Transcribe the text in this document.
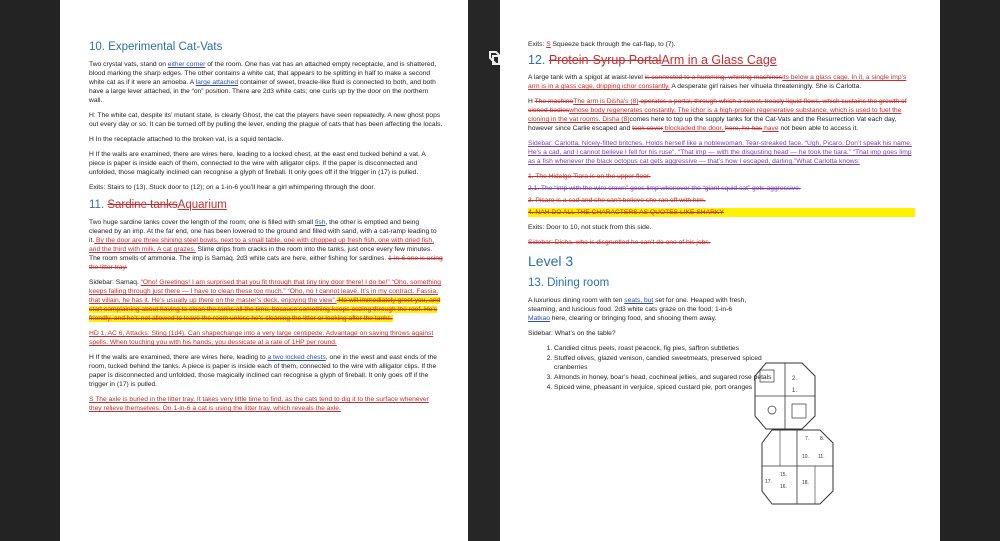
10. Experimental Cat-Vats

Two crystal vats, stand on either corner of the room. One has vat has an attached empty receptacle, and is shattered, blood marking the sharp edges. The other contains a white cat, that appears to be splitting in half to make a second white cat as if it were an amoeba. A large attached container of sweet, treacle-like fluid is connected to both, and both have a large lever attached, in the “on” position. There are 2d3 white cats; one curls up by the door on the northern wall.

H: The white cat, despite its’ mutant state, is clearly Ghost, the cat the players have seen repeatedly. A new ghost pops out every day or so. It can be turned off by pulling the lever, ending the plague of cats that has been affecting the locals.

H In the receptacle attached to the broken vat, is a squid tentacle.

H If the walls are examined, there are wires here, leading to a locked chest, at the east end tucked behind a vat. A piece is paper is inside each of them, connected to the wire with alligator clips. If the paper is disconnected and unfolded, those magically inclined can recognise a glyph of fireball. It only goes off if the trigger in (17) is pulled.

Exits: Stairs to (13). Stuck door to (12); on a 1-in-6 you’ll hear a girl whimpering through the door.

11. Sardine tanksAquarium

Two huge sardine tanks cover the length of the room; one is filled with small fish, the other is emptied and being cleaned by an imp. At the far end, one has been lowered to the ground and filled with sand, with a cat-ramp leading to it. By the door are three shining steel bowls, next to a small table, one with chopped up fresh fish, one with dried fish, and the third with milk. A cat grazes. Slime drips from cracks in the room into the tanks, just once every few minutes. The room smells of ammonia. The imp is Samaq. 2d3 white cats are here, either fishing for sardines. 1-in-6 one is using the litter tray.

Sidebar: Samaq. “Oho! Greetings! I am surprised that you fit through that tiny tiny door there! I do be!” “Oho, something keeps falling through just there — I have to clean these too much.” “Oho, no I cannot leave. It’s in my contract. Fassia, that villain, he has it. He’s usually up there on the master’s deck, enjoying the view”. He will immediately greet you, and start complaining about having to clean the tanks all the time, because something keeps oozing through the roof. He’s friendly, and he’s not allowed to leave the room unless he’s cleaning the litter or looking after the tanks.

HD 1, AC 6, Attacks: Sting (1d4). Can shapechange into a very large centipede. Advantage on saving throws against spells. When touching you with his hands, you dessicate at a rate of 1HP per round.

H If the walls are examined, there are wires here, leading to a two locked chests, one in the west and east ends of the room, tucked behind the tanks. A piece is paper is inside each of them, connected to the wire with alligator clips. If the paper is disconnected and unfolded, those magically inclined can recognise a glyph of fireball. It only goes off if the trigger in (17) is pulled.

S The axle is buried in the litter tray. It takes very little time to find, as the cats tend to dig it to the surface whenever they relieve themselves. On 1-in-6 a cat is using the litter tray, which reveals the axle.

Exits: S Squeeze back through the cat-flap, to (7).

12. Protein-Syrup PortalArm in a Glass Cage

A large tank with a spigot at waist-level is connected to a humming, whirring machinesits below a glass cage. In it, a single imp’s arm is in a glass cage, dripping ichor constantly. A desperate girl raises her vihuela threateningly. She is Carlotta.

H The machineThe arm is Disha’s (8) operates a portal, through which a sweet, treacly liquid flows, which sustains the growth of cloned bodieswhose body regenerates constantly. The ichor is a high-protein regenerative substance, which is used to fuel the cloning in the vat rooms. Disha (8)comes here to top up the supply tanks for the Cat-Vats and the Resurrection Vat each day, however since Carlie escaped and took cover blockaded the door, here, he has have not been able to access it.

Sidebar: Carlotta. Nicely-fitted britches. Holds herself like a noblewoman. Tear-streaked face. “Ugh, Picaro. Don’t speak his name. He’s a cad, and I cannot believe I fell for his ruse”. “That imp — with the disgusting head — he took the tiara.” “That imp goes limp as a fish whenever the black octopus cat gets aggressive — that’s how I escaped, darling.”What Carlotta knows:

1. The Hidalgo Tiara is on the upper floor.
2.1. The “imp with the wire crown” goes limp whenever the “giant squid cat” gets aggressive.
3. Picaro is a cad and she can’t believe she ran off with him.
4. NAH DO ALL THE CHARACTERS AS QUOTES LIKE SHARKY

Exits: Door to 10, not stuck from this side.

Sidebar: Disha, who is disgruntled he can’t do one of his jobs.

Level 3
13. Dining room

A luxurious dining room with ten seats, but set for one. Heaped with fresh, steaming, and luscious food. 2d3 white cats graze on the food; 1-in-6 Matkao here, clearing or bringing food, and shooing them away.

Sidebar: What’s on the table?

1. Candied citrus peels, roast peacock, fig pies, saffron subtleties
2. Stuffed olives, glazed venison, candied sweetmeats, preserved spiced cranberries
3. Almonds in honey, boar’s head, cochineal jellies, and sugared rose petals
4. Spiced wine, pheasant in verjuice, spiced custard pie, port oranges
2.
1.
7. 8.
10. 11.
15.
16.
17.	18.
